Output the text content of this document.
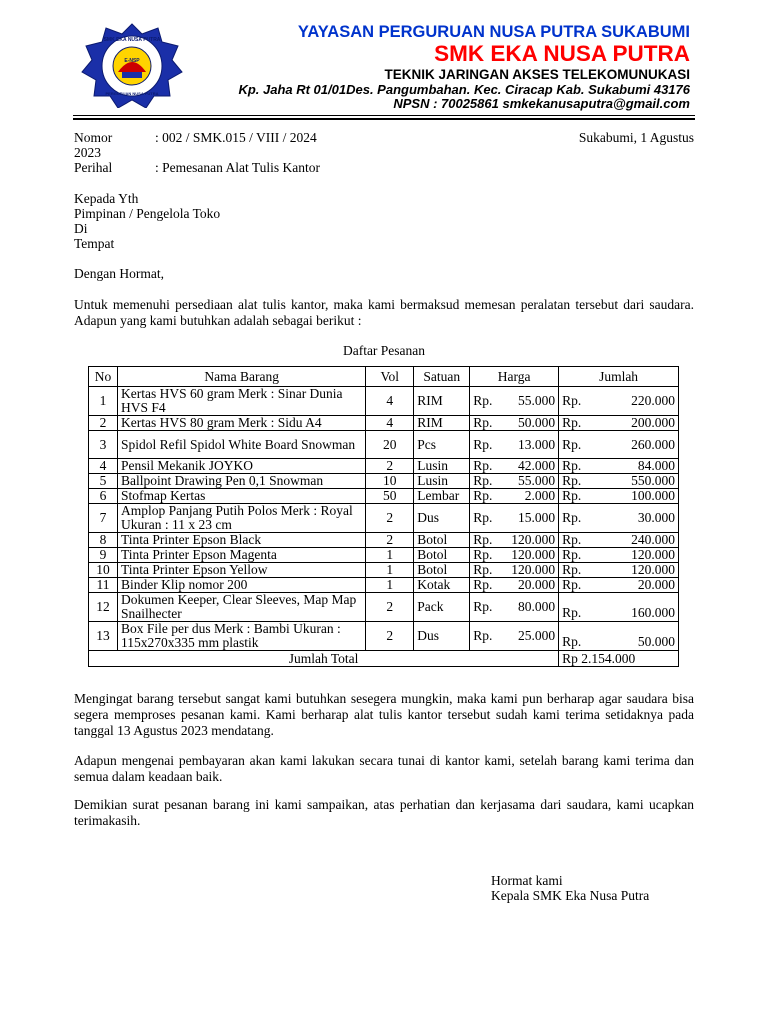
E-NSP
SMK EKA NUSA PUTRA
PERGURUAN NUSA PUTRA
YAYASAN PERGURUAN NUSA PUTRA SUKABUMI
SMK EKA NUSA PUTRA
TEKNIK JARINGAN AKSES TELEKOMUNUKASI
Kp. Jaha Rt 01/01Des. Pangumbahan. Kec. Ciracap Kab. Sukabumi 43176
NPSN : 70025861 smkekanusaputra@gmail.com
Nomor	: 002 / SMK.015 / VIII / 2024
2023
Sukabumi, 1 Agustus
Perihal	: Pemesanan Alat Tulis Kantor
Kepada Yth
Pimpinan / Pengelola Toko
Di
Tempat
Dengan Hormat,
Untuk memenuhi persediaan alat tulis kantor, maka kami bermaksud memesan peralatan tersebut dari saudara. Adapun yang kami butuhkan adalah sebagai berikut :
Daftar Pesanan
No	Nama Barang	Vol	Satuan	Harga	Jumlah
1	Kertas HVS 60 gram Merk : Sinar Dunia HVS F4	4	RIM	Rp. 55.000	Rp. 220.000

2	Kertas HVS 80 gram Merk : Sidu A4	4	RIM	Rp. 50.000	Rp. 200.000

3	Spidol Refil Spidol White Board Snowman	20	Pcs	Rp. 13.000	Rp. 260.000

4	Pensil Mekanik JOYKO	2	Lusin	Rp. 42.000	Rp. 84.000

5	Ballpoint Drawing Pen 0,1 Snowman	10	Lusin	Rp. 55.000	Rp. 550.000

6	Stofmap Kertas	50	Lembar	Rp. 2.000	Rp. 100.000

7	Amplop Panjang Putih Polos Merk : Royal Ukuran : 11 x 23 cm	2	Dus	Rp. 15.000	Rp. 30.000

8	Tinta Printer Epson Black	2	Botol	Rp. 120.000	Rp. 240.000

9	Tinta Printer Epson Magenta	1	Botol	Rp. 120.000	Rp. 120.000

10	Tinta Printer Epson Yellow	1	Botol	Rp. 120.000	Rp. 120.000

11	Binder Klip nomor 200	1	Kotak	Rp. 20.000	Rp. 20.000

12	Dokumen Keeper, Clear Sleeves, Map Map Snailhecter	2	Pack	Rp. 80.000	Rp. 160.000

13	Box File per dus Merk : Bambi Ukuran : 115x270x335 mm plastik	2	Dus	Rp. 25.000	Rp. 50.000

Jumlah Total					Rp 2.154.000
Mengingat barang tersebut sangat kami butuhkan sesegera mungkin, maka kami pun berharap agar saudara bisa segera memproses pesanan kami. Kami berharap alat tulis kantor tersebut sudah kami terima setidaknya pada tanggal 13 Agustus 2023 mendatang.
Adapun mengenai pembayaran akan kami lakukan secara tunai di kantor kami, setelah barang kami terima dan semua dalam keadaan baik.
Demikian surat pesanan barang ini kami sampaikan, atas perhatian dan kerjasama dari saudara, kami ucapkan terimakasih.
Hormat kami
Kepala SMK Eka Nusa Putra
